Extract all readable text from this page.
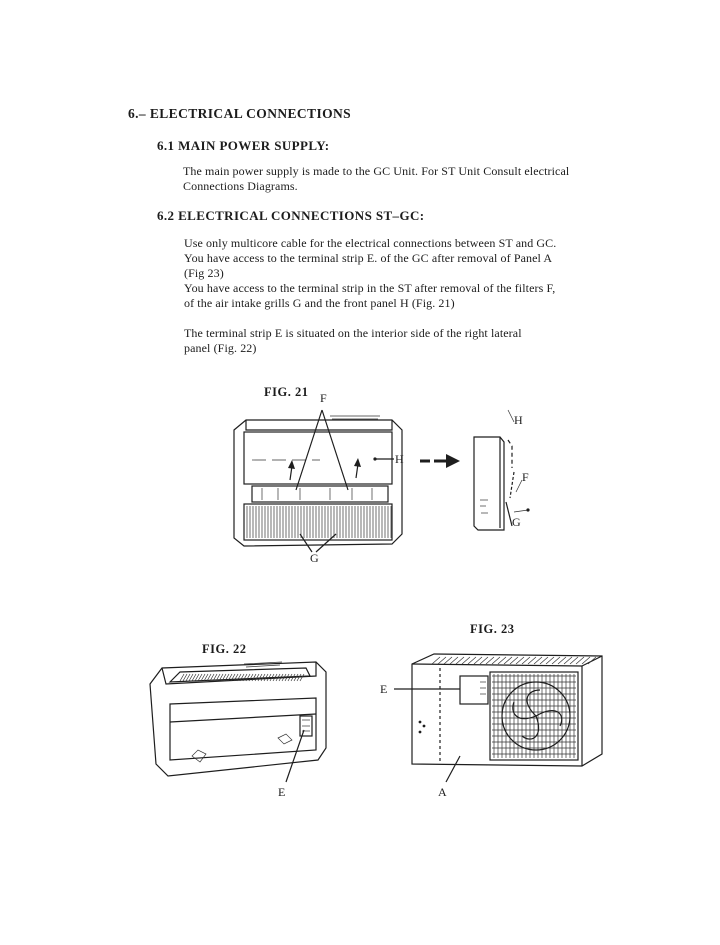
6.– ELECTRICAL CONNECTIONS
6.1 MAIN POWER SUPPLY:
The main power supply is made to the GC Unit. For ST Unit Consult electrical
Connections Diagrams.
6.2 ELECTRICAL CONNECTIONS ST–GC:
Use only multicore cable for the electrical connections between ST and GC.
You have access to the terminal strip E. of the GC after removal of Panel A
(Fig 23)
You have access to the terminal strip in the ST after removal of the filters F,
of the air intake grills G and the front panel H (Fig. 21)
The terminal strip E is situated on the interior side of the right lateral
panel (Fig. 22)
FIG. 21 F
H
G
H
F
G
FIG. 22
E
FIG. 23
E
A
